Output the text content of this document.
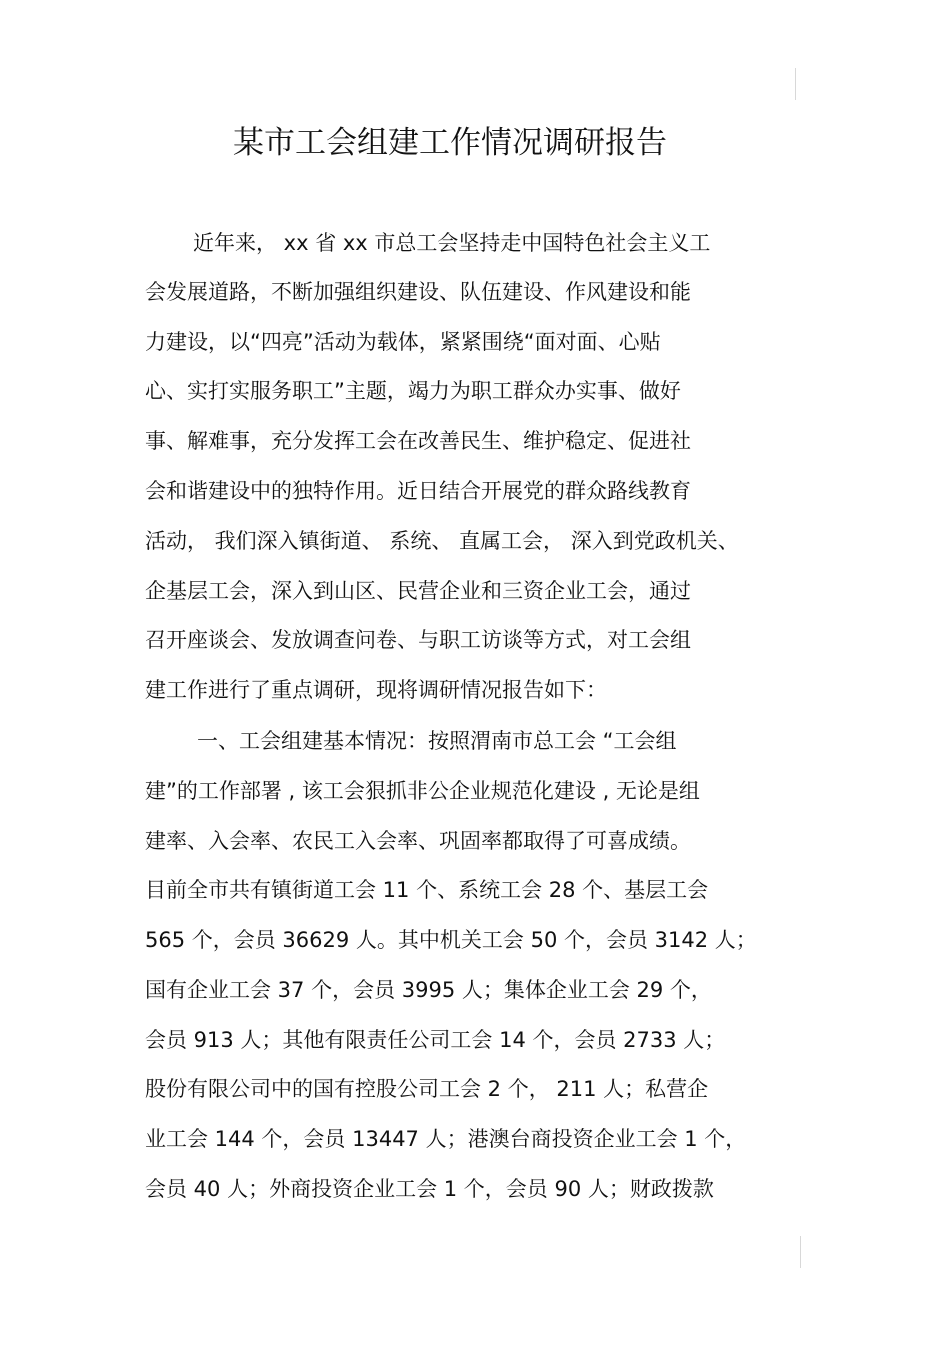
某市工会组建工作情况调研报告
近年来， xx 省 xx 市总工会坚持走中国特色社会主义工
会发展道路，不断加强组织建设、队伍建设、作风建设和能
力建设，以“四亮”活动为载体，紧紧围绕“面对面、心贴
心、实打实服务职工”主题，竭力为职工群众办实事、做好
事、解难事，充分发挥工会在改善民生、维护稳定、促进社
会和谐建设中的独特作用。近日结合开展党的群众路线教育
活动， 我们深入镇街道、 系统、 直属工会， 深入到党政机关、
企基层工会，深入到山区、民营企业和三资企业工会，通过
召开座谈会、发放调查问卷、与职工访谈等方式，对工会组
建工作进行了重点调研，现将调研情况报告如下：
一、工会组建基本情况：按照渭南市总工会 “工会组
建”的工作部署 , 该工会狠抓非公企业规范化建设 , 无论是组
建率、入会率、农民工入会率、巩固率都取得了可喜成绩。
目前全市共有镇街道工会 11 个、系统工会 28 个、基层工会
565 个，会员 36629 人。其中机关工会 50 个，会员 3142 人；
国有企业工会 37 个，会员 3995 人；集体企业工会 29 个，
会员 913 人；其他有限责任公司工会 14 个，会员 2733 人；
股份有限公司中的国有控股公司工会 2 个， 211 人；私营企
业工会 144 个，会员 13447 人；港澳台商投资企业工会 1 个，
会员 40 人；外商投资企业工会 1 个，会员 90 人；财政拨款
